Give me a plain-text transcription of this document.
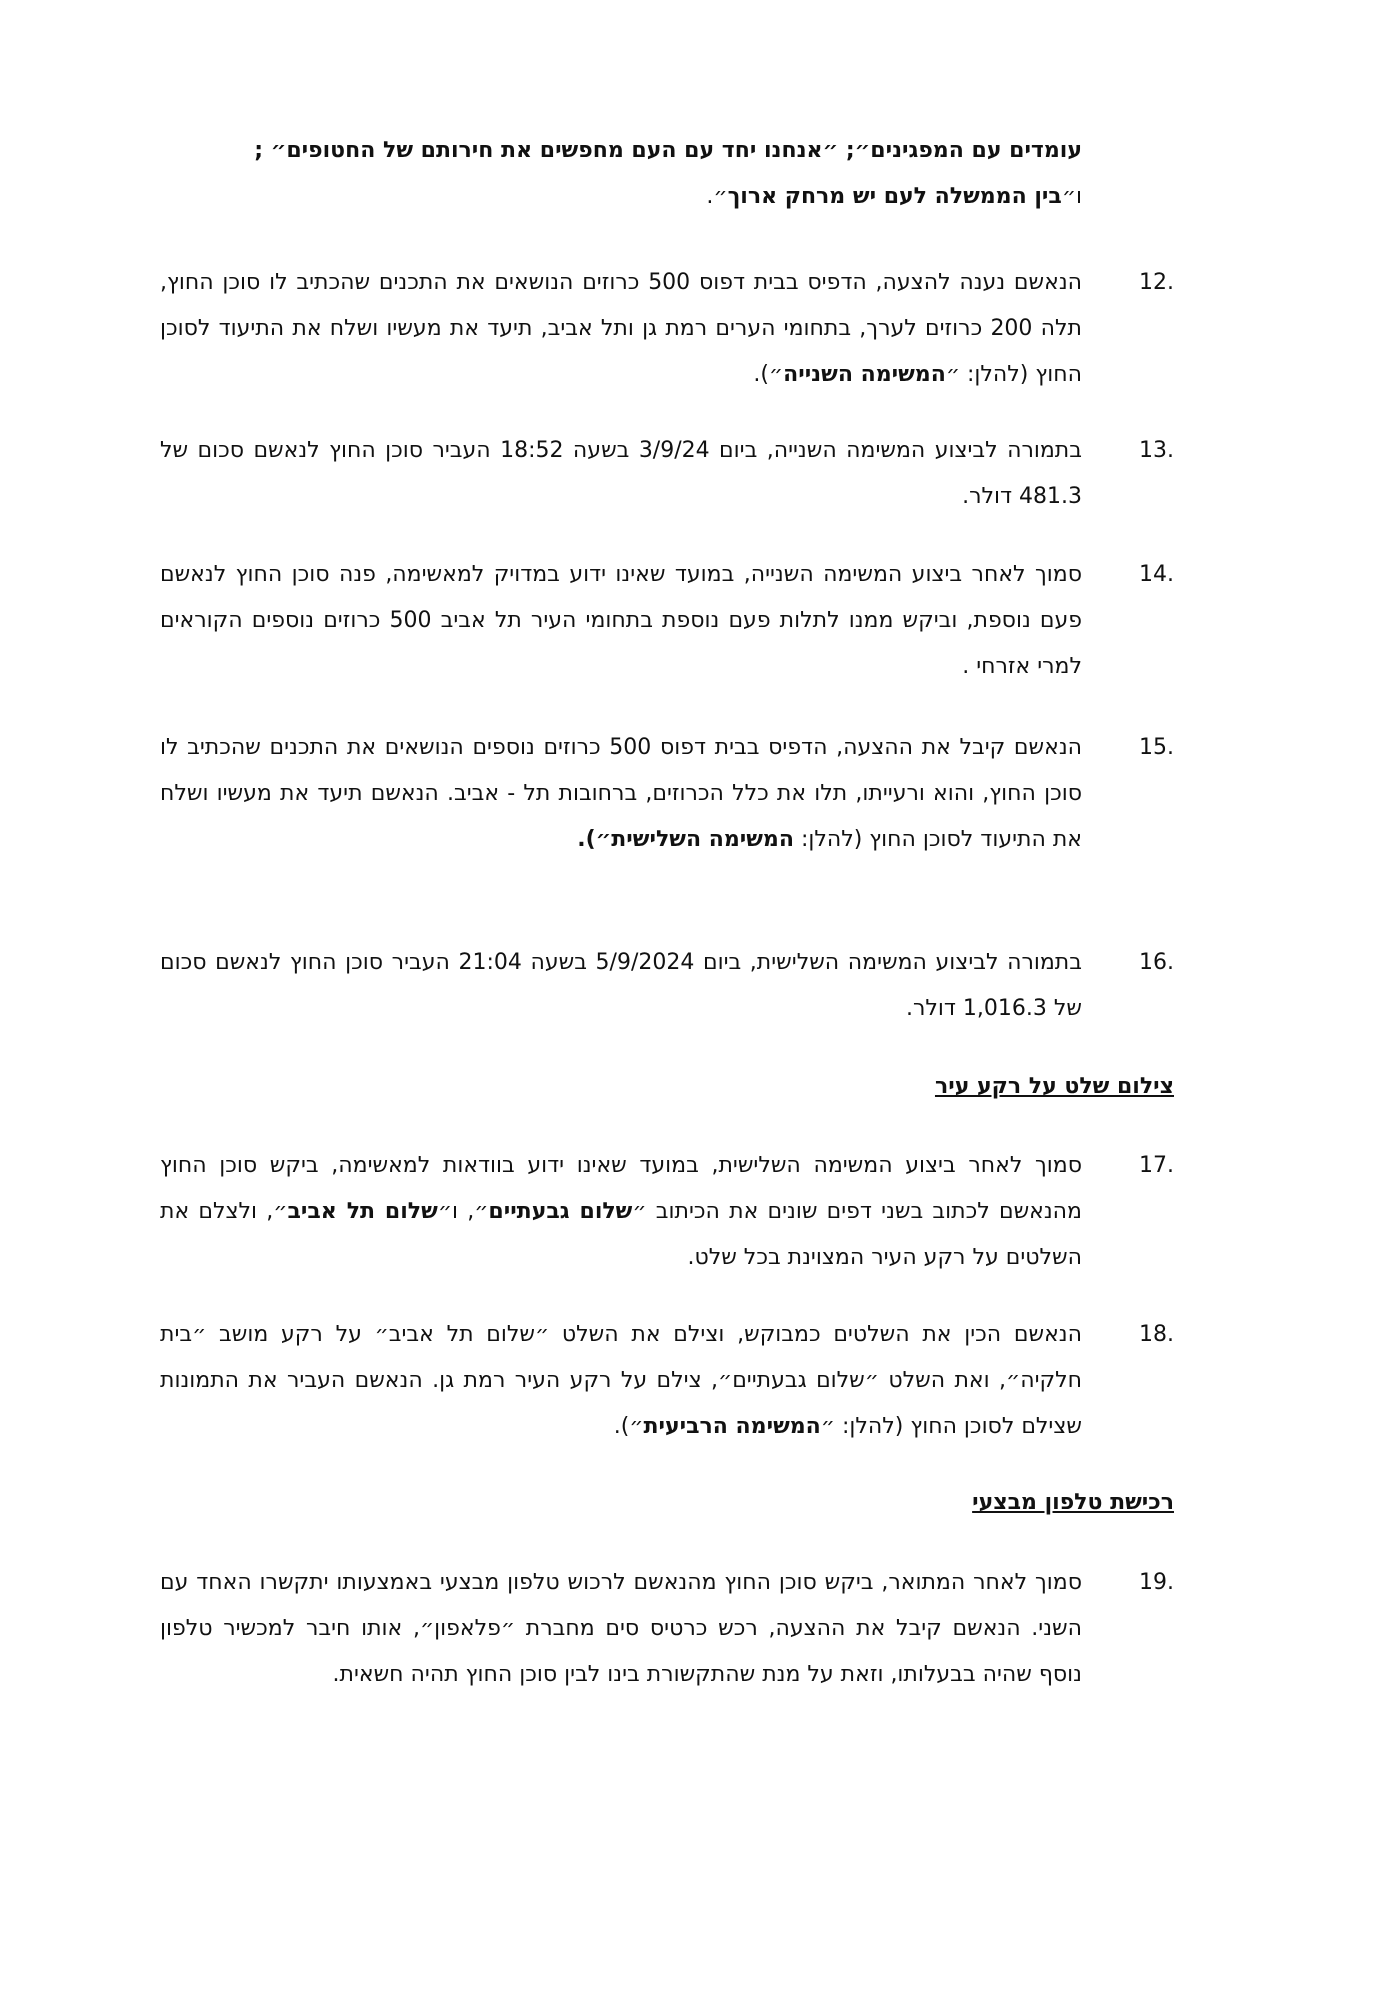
עומדים עם המפגינים״; ״אנחנו יחד עם העם מחפשים את חירותם של החטופים״ ;
ו״בין הממשלה לעם יש מרחק ארוך״.
.12
הנאשם נענה להצעה, הדפיס בבית דפוס 500 כרוזים הנושאים את התכנים שהכתיב לו סוכן החוץ, תלה 200 כרוזים לערך, בתחומי הערים רמת גן ותל אביב, תיעד את מעשיו ושלח את התיעוד לסוכן החוץ (להלן: ״המשימה השנייה״).
.13
בתמורה לביצוע המשימה השנייה, ביום 3/9/24 בשעה 18:52 העביר סוכן החוץ לנאשם סכום של 481.3 דולר.
.14
סמוך לאחר ביצוע המשימה השנייה, במועד שאינו ידוע במדויק למאשימה, פנה סוכן החוץ לנאשם פעם נוספת, וביקש ממנו לתלות פעם נוספת בתחומי העיר תל אביב 500 כרוזים נוספים הקוראים למרי אזרחי .
.15
הנאשם קיבל את ההצעה, הדפיס בבית דפוס 500 כרוזים נוספים הנושאים את התכנים שהכתיב לו סוכן החוץ, והוא ורעייתו, תלו את כלל הכרוזים, ברחובות תל - אביב. הנאשם תיעד את מעשיו ושלח את התיעוד לסוכן החוץ (להלן: המשימה השלישית״).
.16
בתמורה לביצוע המשימה השלישית, ביום 5/9/2024 בשעה 21:04 העביר סוכן החוץ לנאשם סכום של 1,016.3 דולר.
צילום שלט על רקע עיר
.17
סמוך לאחר ביצוע המשימה השלישית, במועד שאינו ידוע בוודאות למאשימה, ביקש סוכן החוץ מהנאשם לכתוב בשני דפים שונים את הכיתוב ״שלום גבעתיים״, ו״שלום תל אביב״, ולצלם את השלטים על רקע העיר המצוינת בכל שלט.
.18
הנאשם הכין את השלטים כמבוקש, וצילם את השלט ״שלום תל אביב״ על רקע מושב ״בית חלקיה״, ואת השלט ״שלום גבעתיים״, צילם על רקע העיר רמת גן. הנאשם העביר את התמונות שצילם לסוכן החוץ (להלן: ״המשימה הרביעית״).
רכישת טלפון מבצעי
.19
סמוך לאחר המתואר, ביקש סוכן החוץ מהנאשם לרכוש טלפון מבצעי באמצעותו יתקשרו האחד עם השני. הנאשם קיבל את ההצעה, רכש כרטיס סים מחברת ״פלאפון״, אותו חיבר למכשיר טלפון נוסף שהיה בבעלותו, וזאת על מנת שהתקשורת בינו לבין סוכן החוץ תהיה חשאית.
